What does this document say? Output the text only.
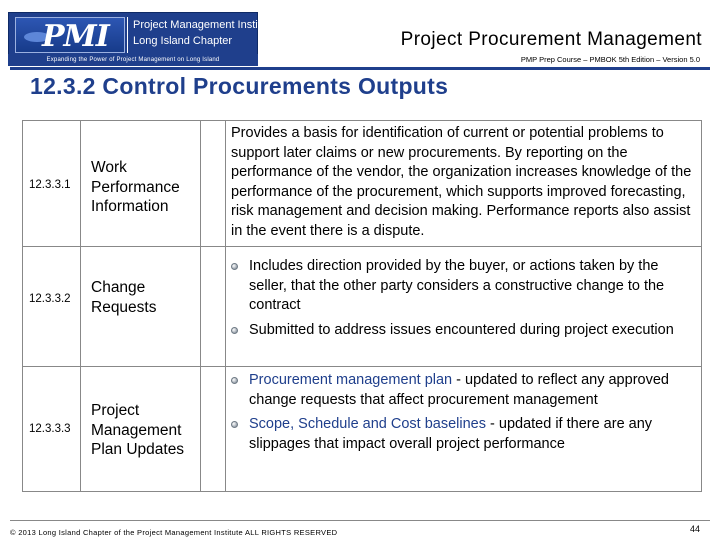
PMI Project Management Institute
Long Island Chapter
Expanding the Power of Project Management on Long Island
Project Procurement Management
PMP Prep Course – PMBOK 5th Edition – Version 5.0
12.3.2 Control Procurements Outputs
12.3.3.1
Work Performance Information
Provides a basis for identification of current or potential problems to support later claims or new procurements. By reporting on the performance of the vendor, the organization increases knowledge of the performance of the procurement, which supports improved forecasting, risk management and decision making. Performance reports also assist in the event there is a dispute.
12.3.3.2
Change Requests
Includes direction provided by the buyer, or actions taken by the seller, that the other party considers a constructive change to the contract
Submitted to address issues encountered during project execution
12.3.3.3
Project Management Plan Updates
Procurement management plan - updated to reflect any approved change requests that affect procurement management
Scope, Schedule and Cost baselines - updated if there are any slippages that impact overall project performance
© 2013 Long Island Chapter of the Project Management Institute ALL RIGHTS RESERVED	44
